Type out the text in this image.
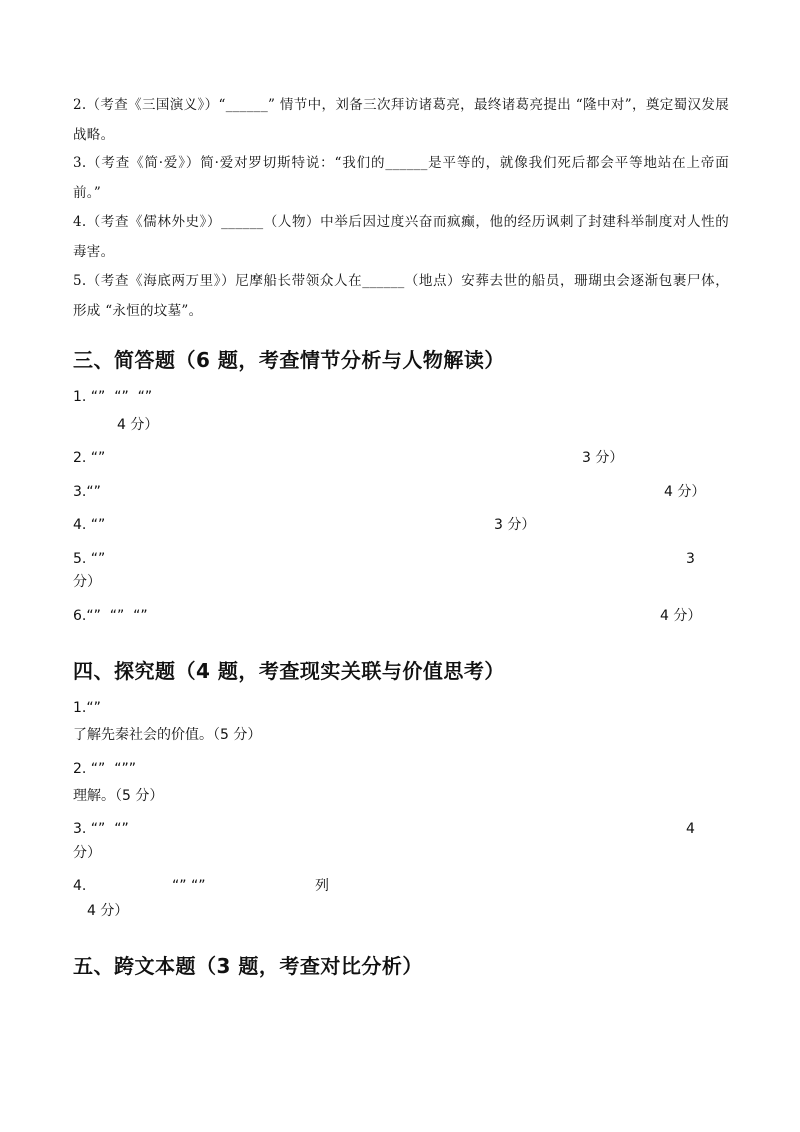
2.（考查《三国演义》）“______” 情节中，刘备三次拜访诸葛亮，最终诸葛亮提出 “隆中对”，奠定蜀汉发展战略。

3.（考查《简·爱》）简·爱对罗切斯特说：“我们的______是平等的，就像我们死后都会平等地站在上帝面前。”

4.（考查《儒林外史》）______（人物）中举后因过度兴奋而疯癫，他的经历讽刺了封建科举制度对人性的毒害。

5.（考查《海底两万里》）尼摩船长带领众人在______（地点）安葬去世的船员，珊瑚虫会逐渐包裹尸体，形成 “永恒的坟墓”。

三、简答题（6 题，考查情节分析与人物解读）
1. “”  “”  “”
4 分）
2. “”	3 分）
3.“”	4 分）
4. “”	3 分）
5. “”	3
分）
6.“”  “”  “”	4 分）
四、探究题（4 题，考查现实关联与价值思考）
1.“”
了解先秦社会的价值。（5 分）
2. “”  “””
理解。（5 分）
3. “”  “”	4
分）
4.	“” “”	列
4 分）
五、跨文本题（3 题，考查对比分析）
